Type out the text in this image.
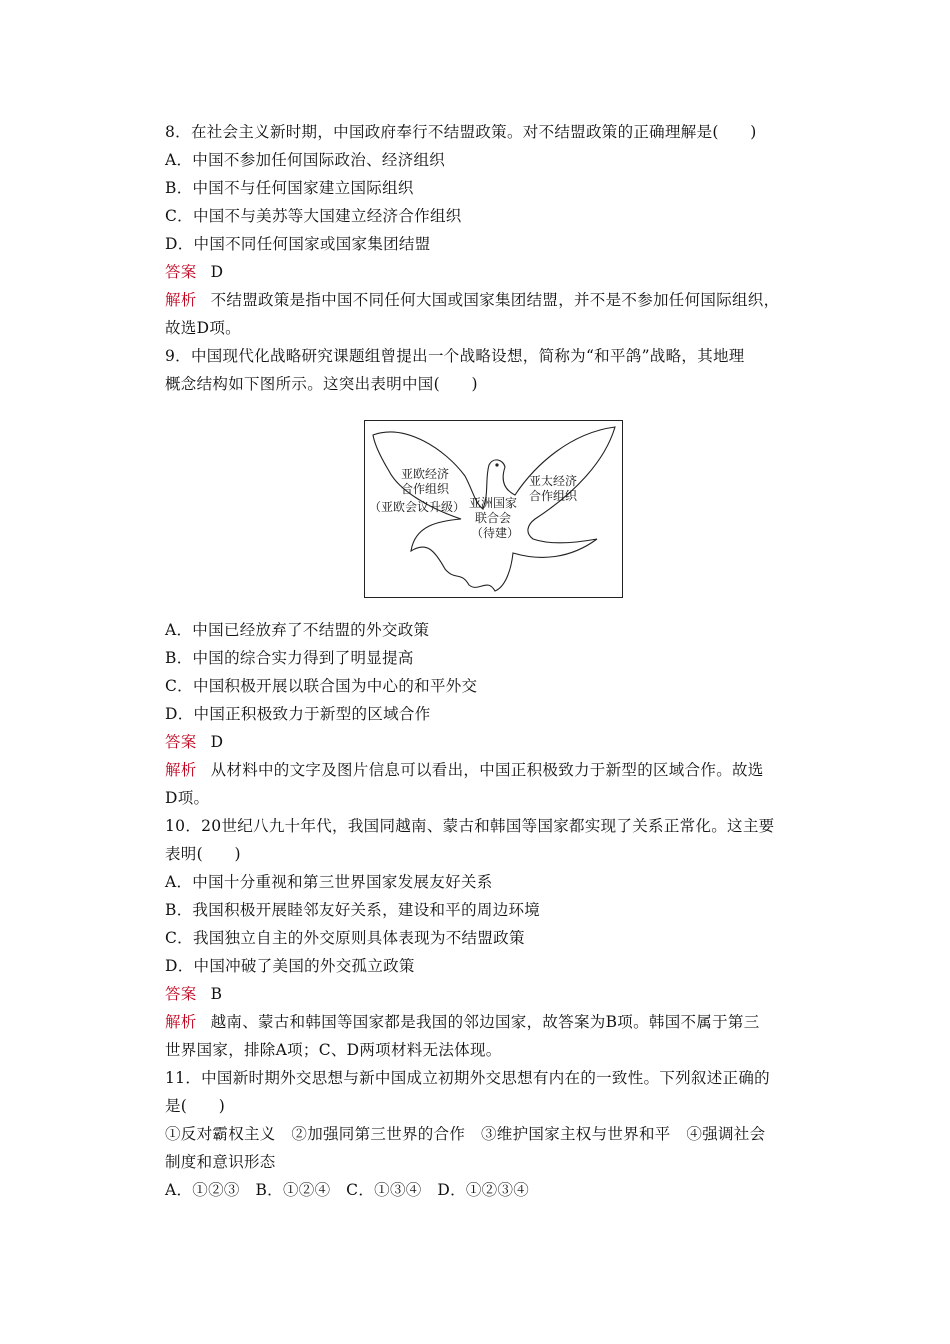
8．在社会主义新时期，中国政府奉行不结盟政策。对不结盟政策的正确理解是(　　)
A．中国不参加任何国际政治、经济组织
B．中国不与任何国家建立国际组织
C．中国不与美苏等大国建立经济合作组织
D．中国不同任何国家或国家集团结盟
答案 D
解析 不结盟政策是指中国不同任何大国或国家集团结盟，并不是不参加任何国际组织，
故选D项。
9．中国现代化战略研究课题组曾提出一个战略设想，简称为“和平鸽”战略，其地理
概念结构如下图所示。这突出表明中国(　　)
亚欧经济
合作组织
（亚欧会议升级） 亚洲国家
联合会
（待建）
亚太经济
合作组织
A．中国已经放弃了不结盟的外交政策
B．中国的综合实力得到了明显提高
C．中国积极开展以联合国为中心的和平外交
D．中国正积极致力于新型的区域合作
答案 D
解析 从材料中的文字及图片信息可以看出，中国正积极致力于新型的区域合作。故选
D项。
10．20世纪八九十年代，我国同越南、蒙古和韩国等国家都实现了关系正常化。这主要
表明(　　)
A．中国十分重视和第三世界国家发展友好关系
B．我国积极开展睦邻友好关系，建设和平的周边环境
C．我国独立自主的外交原则具体表现为不结盟政策
D．中国冲破了美国的外交孤立政策
答案 B
解析 越南、蒙古和韩国等国家都是我国的邻边国家，故答案为B项。韩国不属于第三
世界国家，排除A项；C、D两项材料无法体现。
11．中国新时期外交思想与新中国成立初期外交思想有内在的一致性。下列叙述正确的
是(　　)
①反对霸权主义　②加强同第三世界的合作　③维护国家主权与世界和平　④强调社会
制度和意识形态
A．①②③　B．①②④　C．①③④　D．①②③④
